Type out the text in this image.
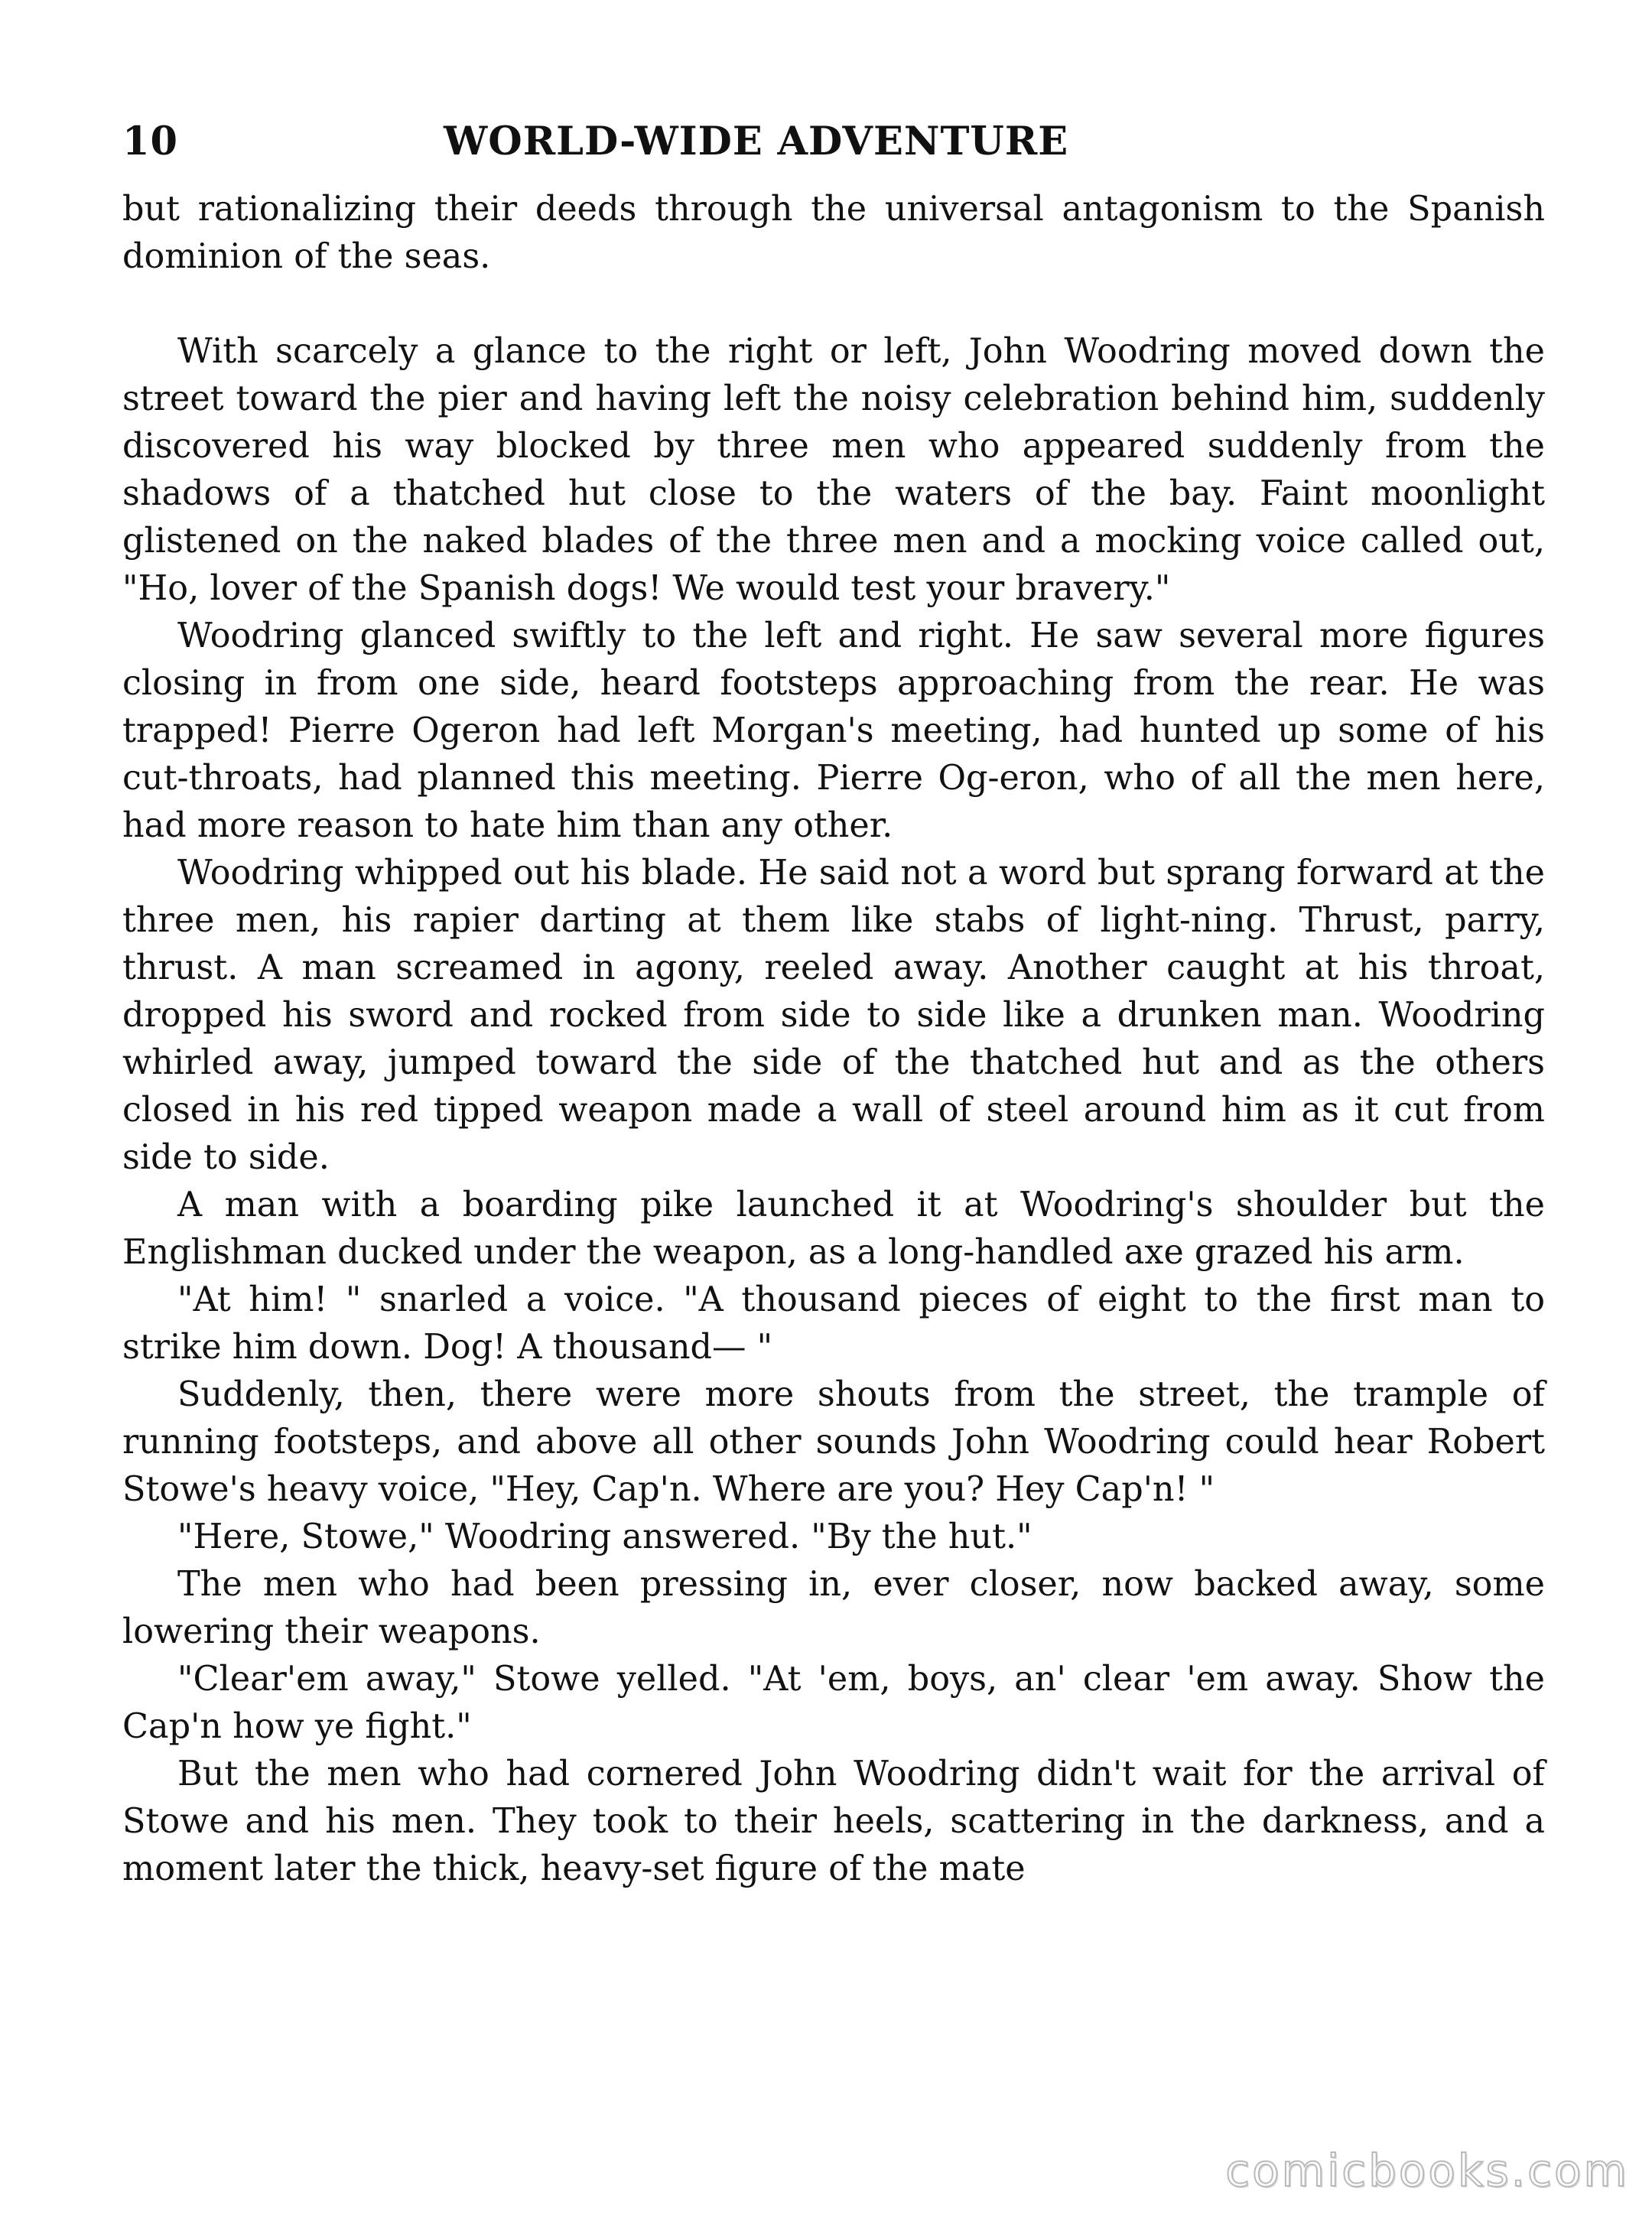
10	WORLD-WIDE ADVENTURE

but rationalizing their deeds through the universal antagonism to the Spanish dominion of the seas.

With scarcely a glance to the right or left, John Woodring moved down the street toward the pier and having left the noisy celebration behind him, suddenly discovered his way blocked by three men who appeared suddenly from the shadows of a thatched hut close to the waters of the bay. Faint moonlight glistened on the naked blades of the three men and a mocking voice called out, "Ho, lover of the Spanish dogs! We would test your bravery."

Woodring glanced swiftly to the left and right. He saw several more figures closing in from one side, heard footsteps approaching from the rear. He was trapped! Pierre Ogeron had left Morgan's meeting, had hunted up some of his cut-throats, had planned this meeting. Pierre Og-eron, who of all the men here, had more reason to hate him than any other.

Woodring whipped out his blade. He said not a word but sprang forward at the three men, his rapier darting at them like stabs of light-ning. Thrust, parry, thrust. A man screamed in agony, reeled away. Another caught at his throat, dropped his sword and rocked from side to side like a drunken man. Woodring whirled away, jumped toward the side of the thatched hut and as the others closed in his red tipped weapon made a wall of steel around him as it cut from side to side.

A man with a boarding pike launched it at Woodring's shoulder but the Englishman ducked under the weapon, as a long-handled axe grazed his arm.

"At him! " snarled a voice. "A thousand pieces of eight to the first man to strike him down. Dog! A thousand— "

Suddenly, then, there were more shouts from the street, the trample of running footsteps, and above all other sounds John Woodring could hear Robert Stowe's heavy voice, "Hey, Cap'n. Where are you? Hey Cap'n! "

"Here, Stowe," Woodring answered. "By the hut."

The men who had been pressing in, ever closer, now backed away, some lowering their weapons.

"Clear'em away," Stowe yelled. "At 'em, boys, an' clear 'em away. Show the Cap'n how ye fight."

But the men who had cornered John Woodring didn't wait for the arrival of Stowe and his men. They took to their heels, scattering in the darkness, and a moment later the thick, heavy-set figure of the mate

comicbooks.com
